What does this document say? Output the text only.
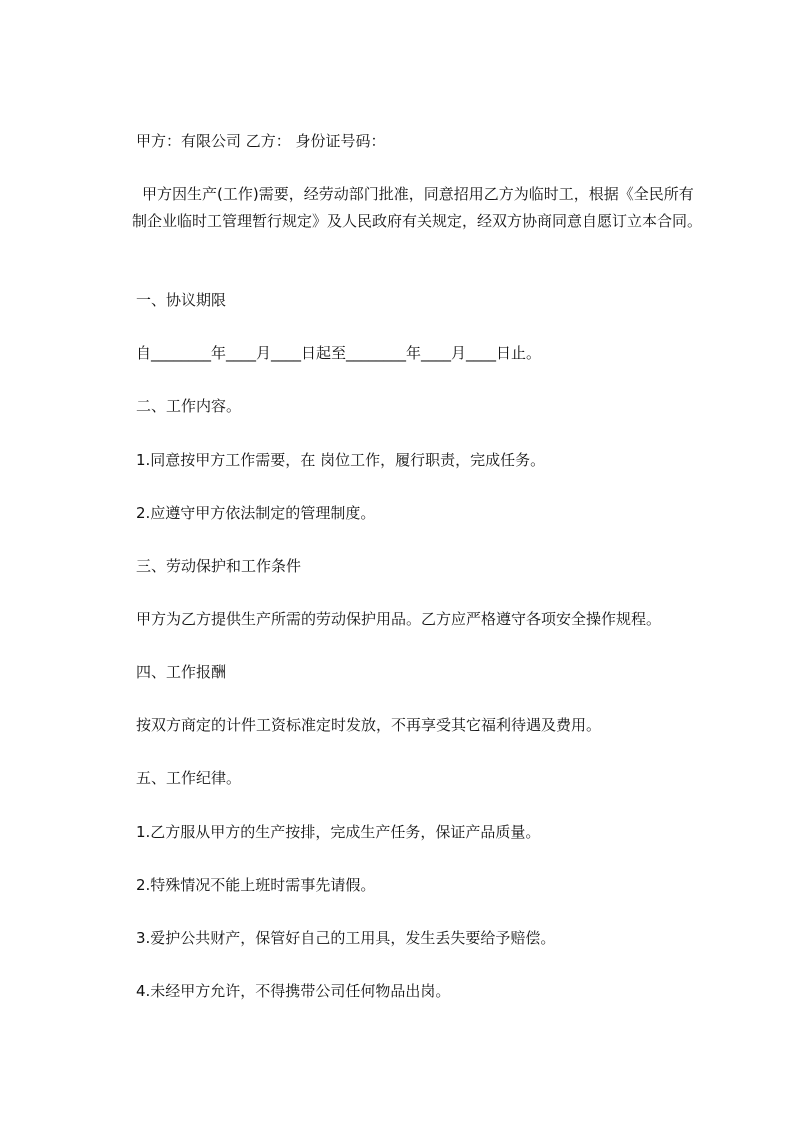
甲方：有限公司 乙方： 身份证号码：
甲方因生产(工作)需要，经劳动部门批准，同意招用乙方为临时工，根据《全民所有制企业临时工管理暂行规定》及人民政府有关规定，经双方协商同意自愿订立本合同。
一、协议期限
自________年____月____日起至________年____月____日止。
二、工作内容。
1.同意按甲方工作需要，在 岗位工作，履行职责，完成任务。
2.应遵守甲方依法制定的管理制度。
三、劳动保护和工作条件
甲方为乙方提供生产所需的劳动保护用品。乙方应严格遵守各项安全操作规程。
四、工作报酬
按双方商定的计件工资标准定时发放，不再享受其它福利待遇及费用。
五、工作纪律。
1.乙方服从甲方的生产按排，完成生产任务，保证产品质量。
2.特殊情况不能上班时需事先请假。
3.爱护公共财产，保管好自己的工用具，发生丢失要给予赔偿。
4.未经甲方允许，不得携带公司任何物品出岗。
